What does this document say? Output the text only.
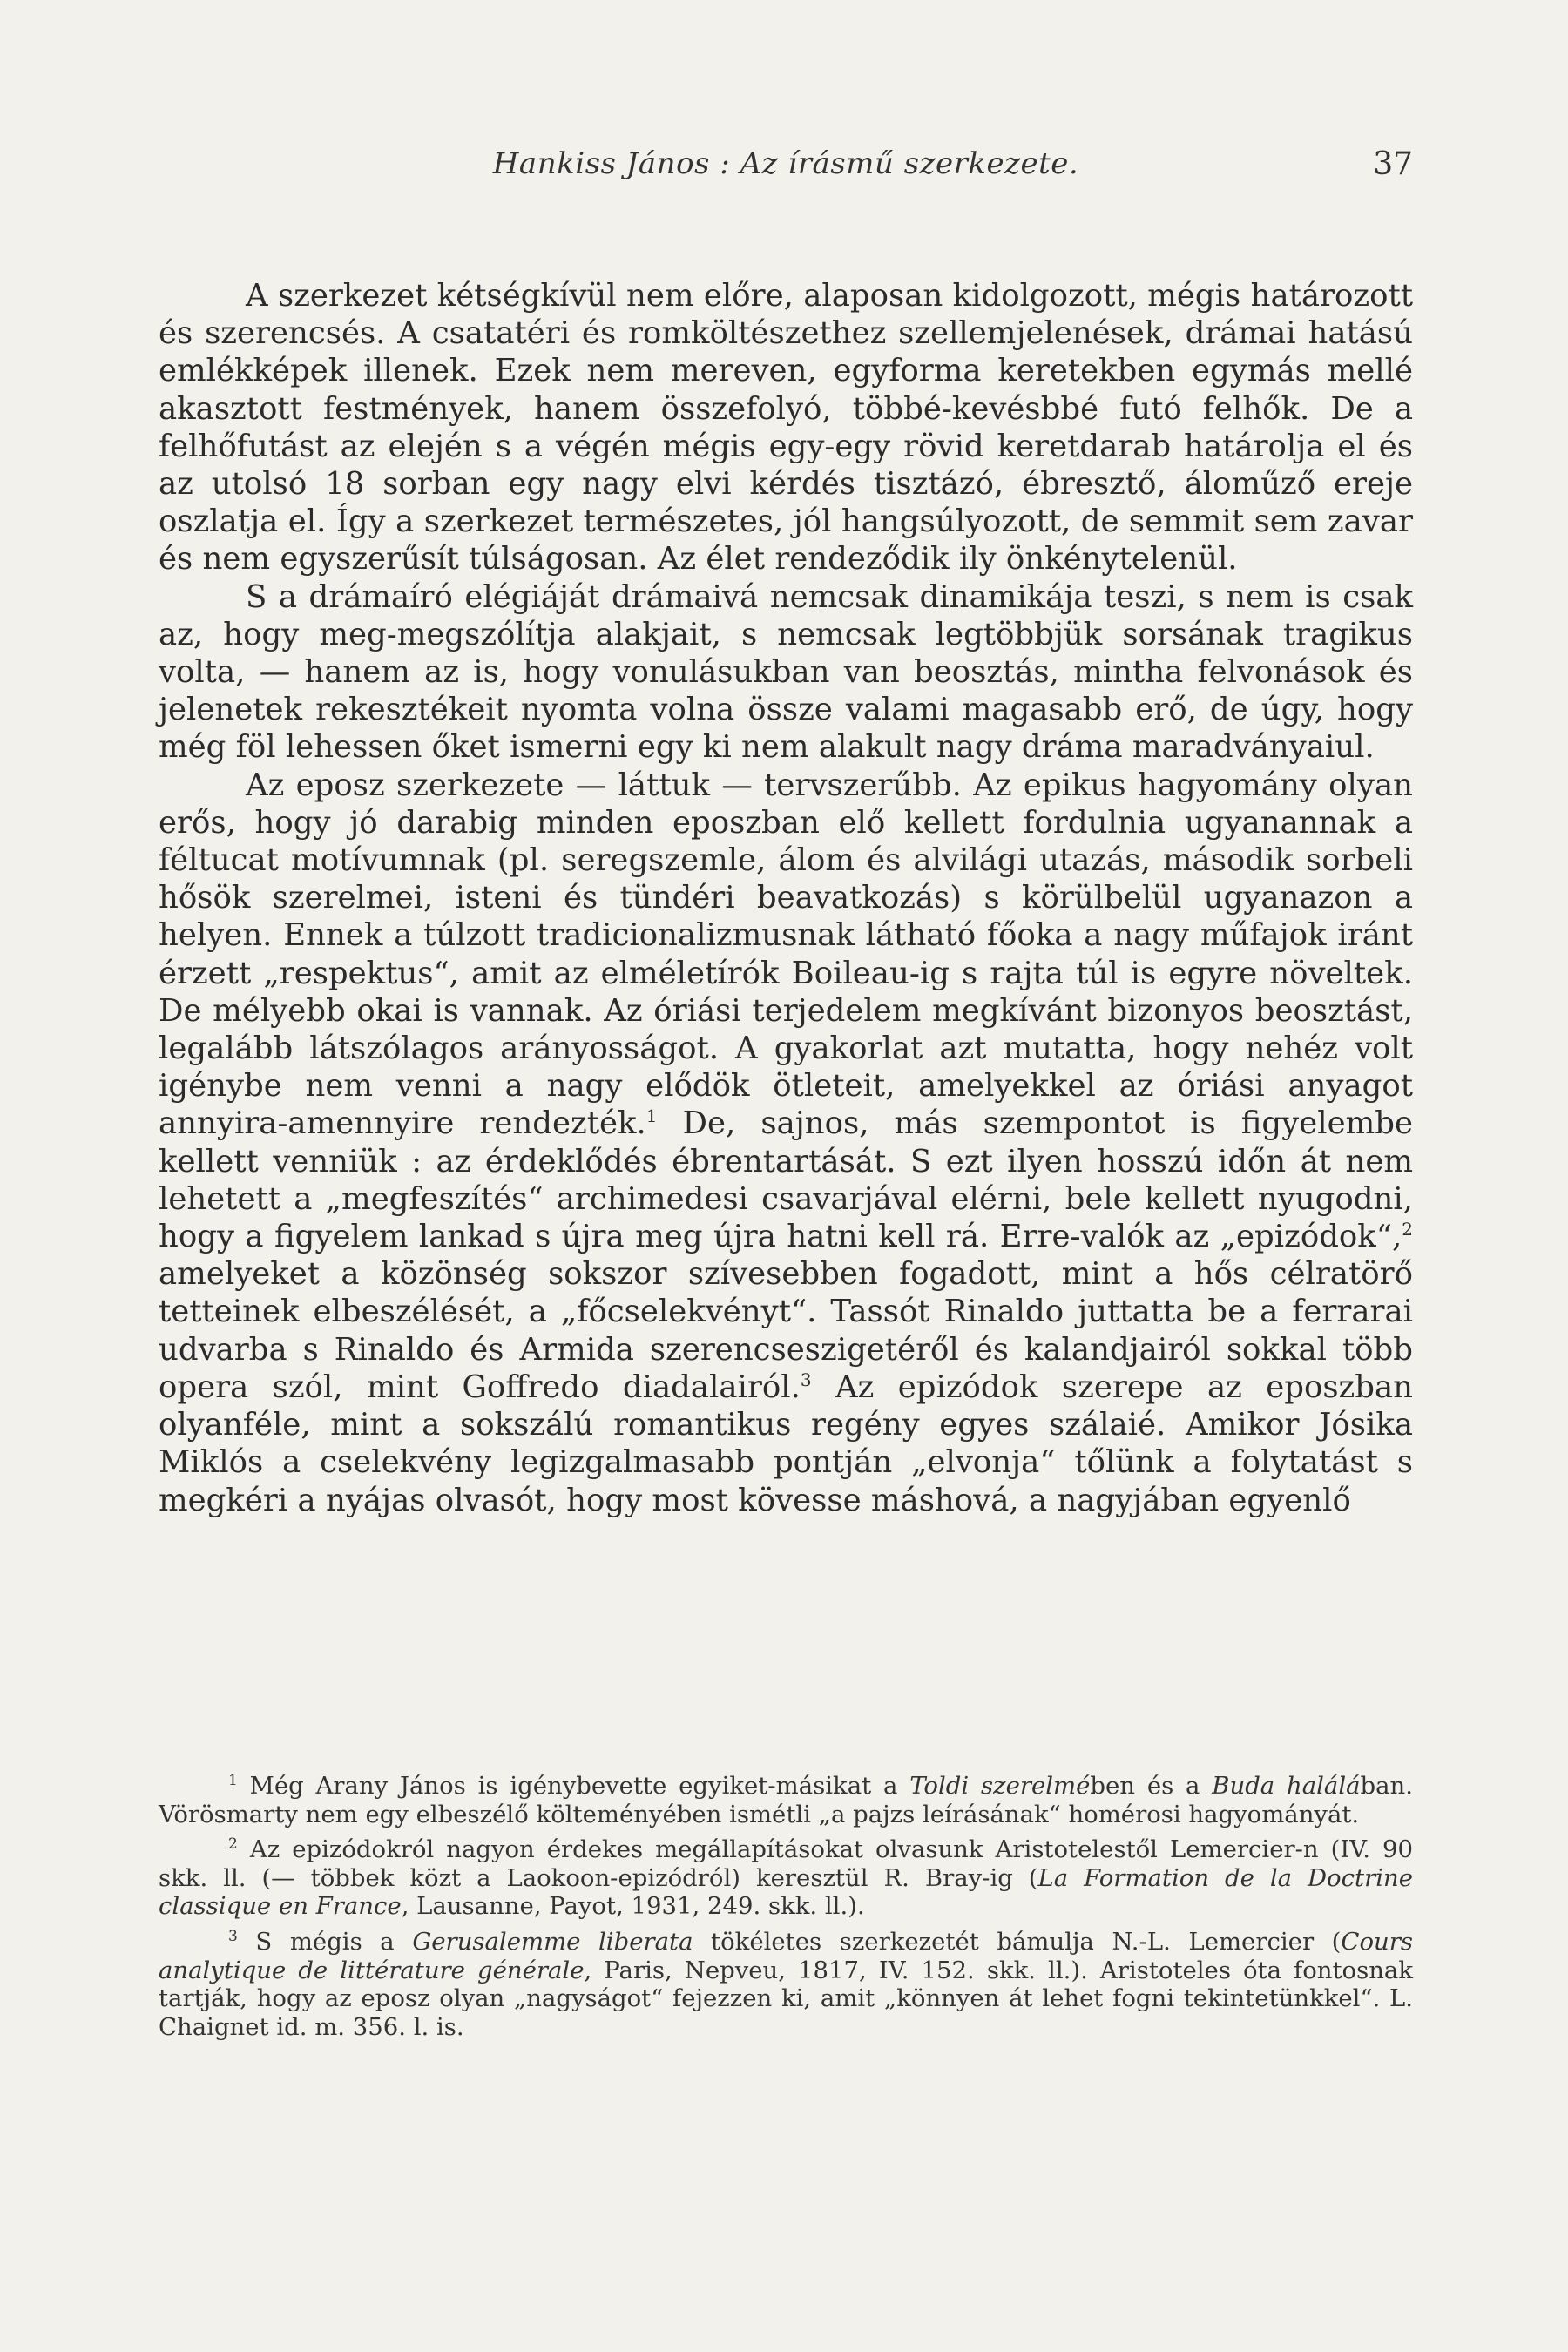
Hankiss János : Az írásmű szerkezete.	37

A szerkezet kétségkívül nem előre, alaposan kidolgozott, mégis határozott és szerencsés. A csatatéri és romköltészethez szellemjelenések, drámai hatású emlékképek illenek. Ezek nem mereven, egyforma keretekben egymás mellé akasztott festmények, hanem összefolyó, többé-kevésbbé futó felhők. De a felhőfutást az elején s a végén mégis egy-egy rövid keretdarab határolja el és az utolsó 18 sorban egy nagy elvi kérdés tisztázó, ébresztő, áloműző ereje oszlatja el. Így a szerkezet természetes, jól hangsúlyozott, de semmit sem zavar és nem egyszerűsít túlságosan. Az élet rendeződik ily önkénytelenül.

S a drámaíró elégiáját drámaivá nemcsak dinamikája teszi, s nem is csak az, hogy meg-megszólítja alakjait, s nemcsak legtöbbjük sorsának tragikus volta, — hanem az is, hogy vonulásukban van beosztás, mintha felvonások és jelenetek rekesztékeit nyomta volna össze valami magasabb erő, de úgy, hogy még föl lehessen őket ismerni egy ki nem alakult nagy dráma maradványaiul.

Az eposz szerkezete — láttuk — tervszerűbb. Az epikus hagyomány olyan erős, hogy jó darabig minden eposzban elő kellett fordulnia ugyanannak a féltucat motívumnak (pl. seregszemle, álom és alvilági utazás, második sorbeli hősök szerelmei, isteni és tündéri beavatkozás) s körülbelül ugyanazon a helyen. Ennek a túlzott tradicionalizmusnak látható főoka a nagy műfajok iránt érzett „respektus“, amit az elméletírók Boileau-ig s rajta túl is egyre növeltek. De mélyebb okai is vannak. Az óriási terjedelem megkívánt bizonyos beosztást, legalább látszólagos arányosságot. A gyakorlat azt mutatta, hogy nehéz volt igénybe nem venni a nagy elődök ötleteit, amelyekkel az óriási anyagot annyira-amennyire rendezték.$^1$ De, sajnos, más szempontot is figyelembe kellett venniük : az érdeklődés ébrentartását. S ezt ilyen hosszú időn át nem lehetett a „megfeszítés“ archimedesi csavarjával elérni, bele kellett nyugodni, hogy a figyelem lankad s újra meg újra hatni kell rá. Erre-valók az „epizódok“,$^2$ amelyeket a közönség sokszor szívesebben fogadott, mint a hős célratörő tetteinek elbeszélését, a „főcselekvényt“. Tassót Rinaldo juttatta be a ferrarai udvarba s Rinaldo és Armida szerencseszigetéről és kalandjairól sokkal több opera szól, mint Goffredo diadalairól.$^3$ Az epizódok szerepe az eposzban olyanféle, mint a sokszálú romantikus regény egyes szálaié. Amikor Jósika Miklós a cselekvény legizgalmasabb pontján „elvonja“ tőlünk a folytatást s megkéri a nyájas olvasót, hogy most kövesse máshová, a nagyjában egyenlő

$^1$ Még Arany János is igénybevette egyiket-másikat a Toldi szerelmében és a Buda halálában. Vörösmarty nem egy elbeszélő költeményében ismétli „a pajzs leírásának“ homérosi hagyományát.

$^2$ Az epizódokról nagyon érdekes megállapításokat olvasunk Aristotelestől Lemercier-n (IV. 90 skk. ll. (— többek közt a Laokoon-epizódról) keresztül R. Bray-ig (La Formation de la Doctrine classique en France, Lausanne, Payot, 1931, 249. skk. ll.).

$^3$ S mégis a Gerusalemme liberata tökéletes szerkezetét bámulja N.-L. Lemercier (Cours analytique de littérature générale, Paris, Nepveu, 1817, IV. 152. skk. ll.). Aristoteles óta fontosnak tartják, hogy az eposz olyan „nagyságot“ fejezzen ki, amit „könnyen át lehet fogni tekintetünkkel“. L. Chaignet id. m. 356. l. is.
